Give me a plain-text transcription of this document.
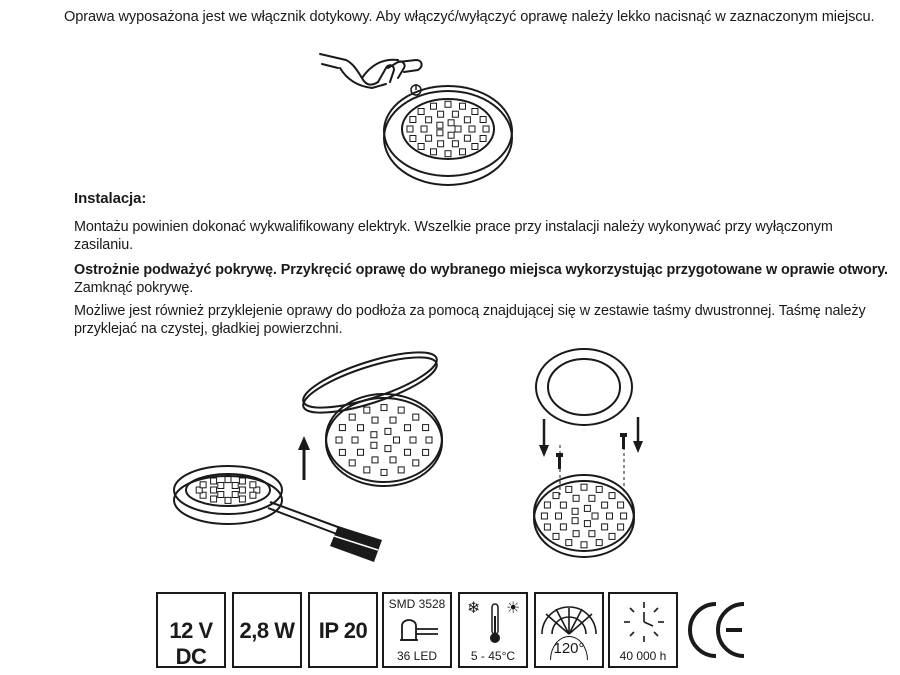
Oprawa wyposażona jest we włącznik dotykowy. Aby włączyć/wyłączyć oprawę należy lekko nacisnąć w zaznaczonym miejscu.
Instalacja:
Montażu powinien dokonać wykwalifikowany elektryk. Wszelkie prace przy instalacji należy wykonywać przy wyłączonym
zasilaniu.
Ostrożnie podważyć pokrywę. Przykręcić oprawę do wybranego miejsca wykorzystując przygotowane w oprawie otwory.
Zamknąć pokrywę.
Możliwe jest również przyklejenie oprawy do podłoża za pomocą znajdującej się w zestawie taśmy dwustronnej. Taśmę należy
przyklejać na czystej, gładkiej powierzchni.
12 V DC
2,8 W	IP 20
SMD 3528
36 LED
❄ ☀
5 - 45°C	120°	40 000 h
